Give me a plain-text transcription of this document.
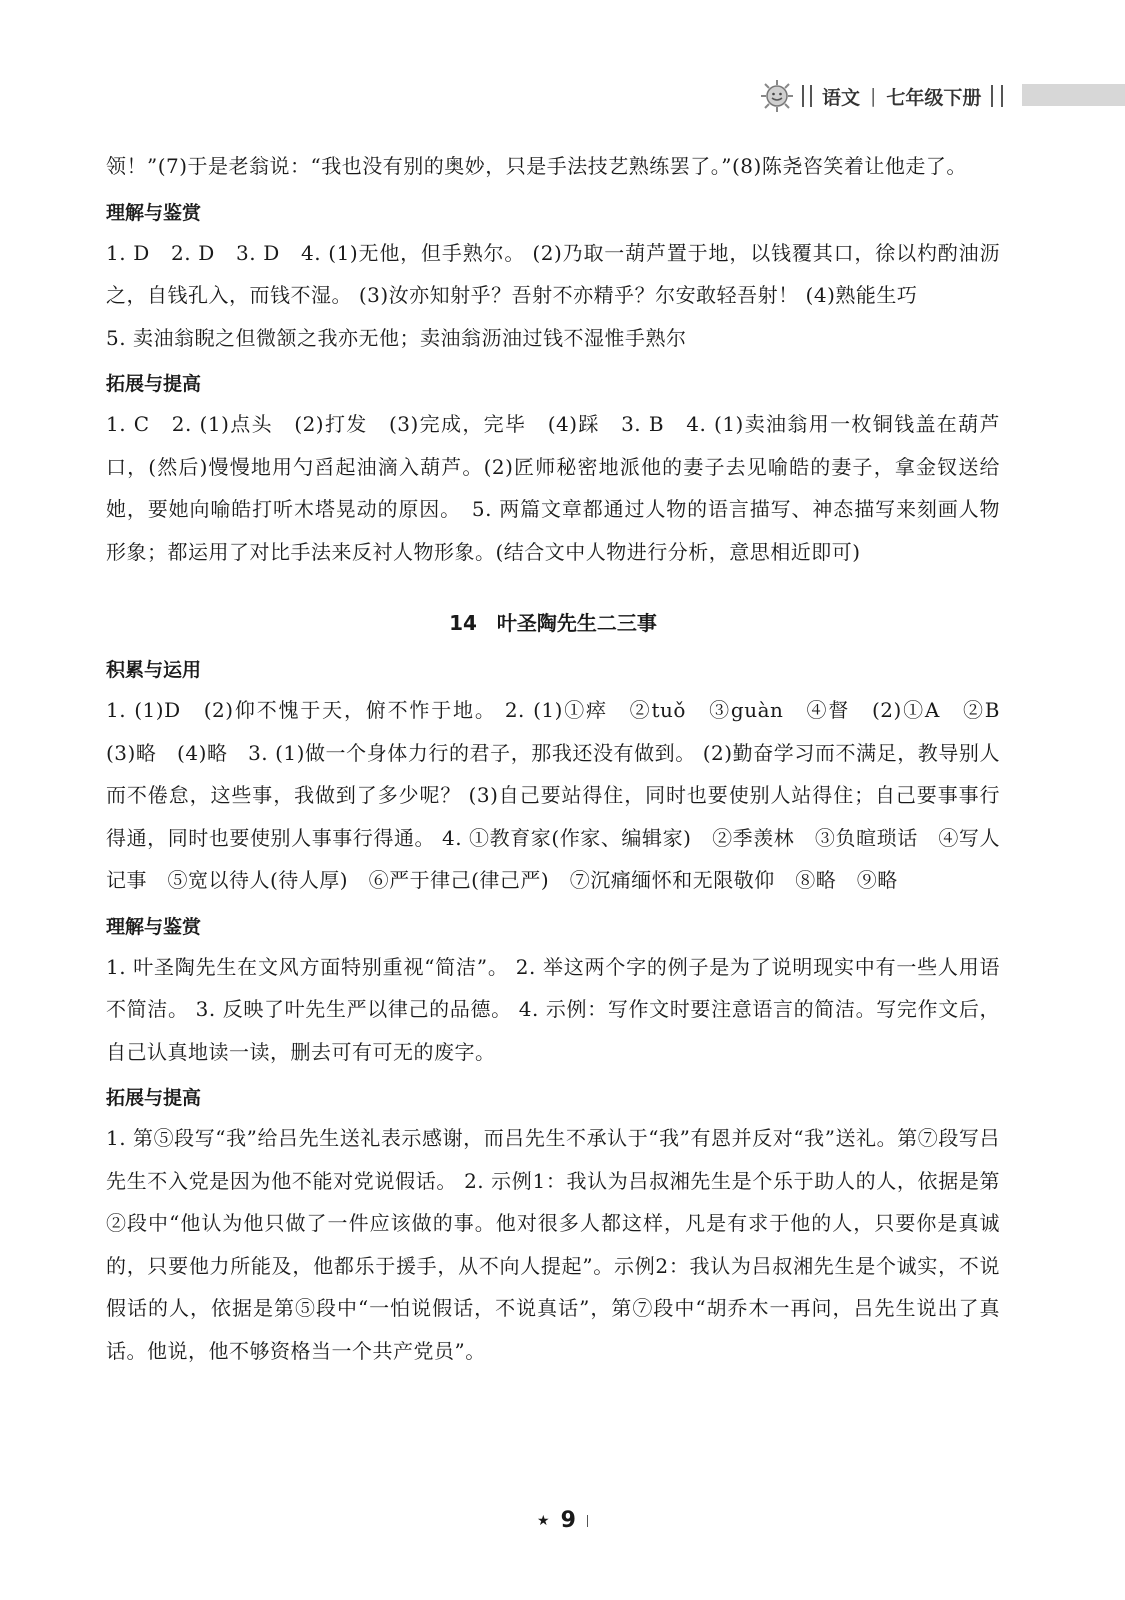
语文 | 七年级下册

领！”(7)于是老翁说：“我也没有别的奥妙，只是手法技艺熟练罢了。”(8)陈尧咨笑着让他走了。

理解与鉴赏

1. D　2. D　3. D　4. (1)无他，但手熟尔。 (2)乃取一葫芦置于地，以钱覆其口，徐以杓酌油沥之，自钱孔入，而钱不湿。 (3)汝亦知射乎？吾射不亦精乎？尔安敢轻吾射！ (4)熟能生巧

5. 卖油翁睨之但微颔之我亦无他；卖油翁沥油过钱不湿惟手熟尔

拓展与提高

1. C　2. (1)点头　(2)打发　(3)完成，完毕　(4)踩　3. B　4. (1)卖油翁用一枚铜钱盖在葫芦口，(然后)慢慢地用勺舀起油滴入葫芦。(2)匠师秘密地派他的妻子去见喻皓的妻子，拿金钗送给她，要她向喻皓打听木塔晃动的原因。　5. 两篇文章都通过人物的语言描写、神态描写来刻画人物形象；都运用了对比手法来反衬人物形象。(结合文中人物进行分析，意思相近即可)

14　叶圣陶先生二三事
积累与运用

1. (1)D　(2)仰不愧于天，俯不怍于地。 2. (1)①瘁　②tuǒ　③guàn　④督　(2)①A　②B　(3)略　(4)略　3. (1)做一个身体力行的君子，那我还没有做到。 (2)勤奋学习而不满足，教导别人而不倦怠，这些事，我做到了多少呢？ (3)自己要站得住，同时也要使别人站得住；自己要事事行得通，同时也要使别人事事行得通。 4. ①教育家(作家、编辑家)　②季羡林　③负暄琐话　④写人记事　⑤宽以待人(待人厚)　⑥严于律己(律己严)　⑦沉痛缅怀和无限敬仰　⑧略　⑨略

理解与鉴赏

1. 叶圣陶先生在文风方面特别重视“简洁”。 2. 举这两个字的例子是为了说明现实中有一些人用语不简洁。 3. 反映了叶先生严以律己的品德。 4. 示例：写作文时要注意语言的简洁。写完作文后，自己认真地读一读，删去可有可无的废字。

拓展与提高

1. 第⑤段写“我”给吕先生送礼表示感谢，而吕先生不承认于“我”有恩并反对“我”送礼。第⑦段写吕先生不入党是因为他不能对党说假话。 2. 示例1：我认为吕叔湘先生是个乐于助人的人，依据是第②段中“他认为他只做了一件应该做的事。他对很多人都这样，凡是有求于他的人，只要你是真诚的，只要他力所能及，他都乐于援手，从不向人提起”。示例2：我认为吕叔湘先生是个诚实，不说假话的人，依据是第⑤段中“一怕说假话，不说真话”，第⑦段中“胡乔木一再问，吕先生说出了真话。他说，他不够资格当一个共产党员”。

★ 9
